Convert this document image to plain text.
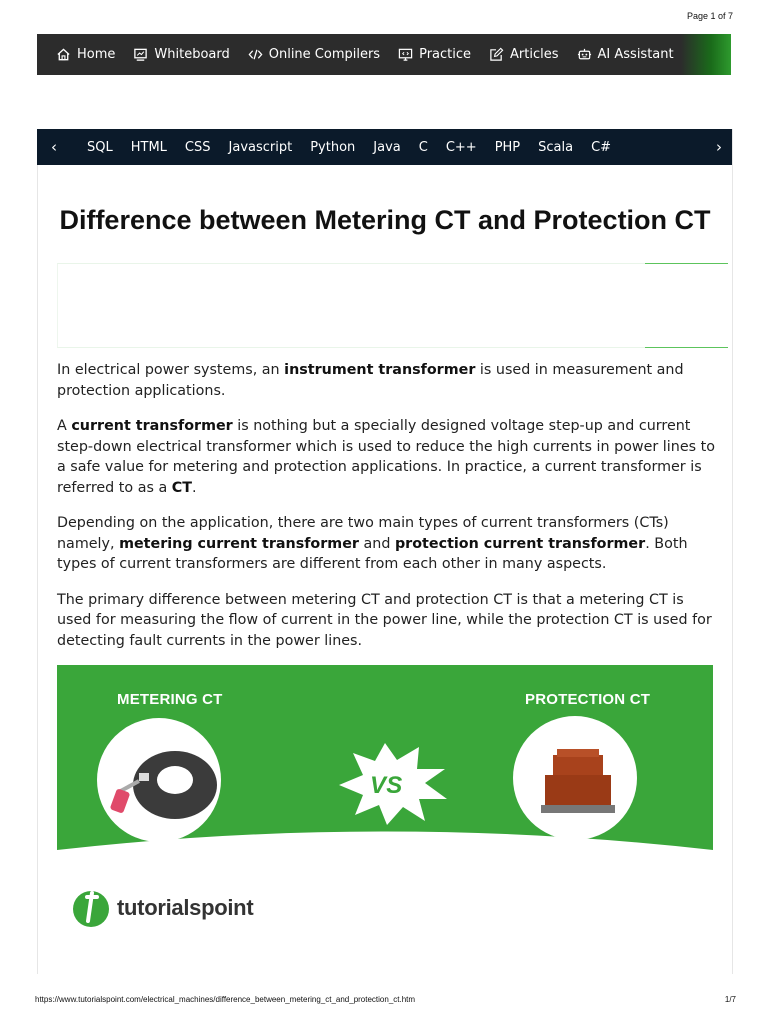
Page 1 of 7
Home	Whiteboard	Online Compilers	Practice	Articles	AI Assistant
‹	SQL HTML CSS Javascript Python Java C C++ PHP Scala C#	›
Difference between Metering CT and Protection CT

In electrical power systems, an instrument transformer is used in measurement and protection applications.

A current transformer is nothing but a specially designed voltage step-up and current step-down electrical transformer which is used to reduce the high currents in power lines to a safe value for metering and protection applications. In practice, a current transformer is referred to as a CT.

Depending on the application, there are two main types of current transformers (CTs) namely, metering current transformer and protection current transformer. Both types of current transformers are different from each other in many aspects.

The primary difference between metering CT and protection CT is that a metering CT is used for measuring the flow of current in the power line, while the protection CT is used for detecting fault currents in the power lines.

METERING CT	PROTECTION CT
VS
tutorialspoint
https://www.tutorialspoint.com/electrical_machines/difference_between_metering_ct_and_protection_ct.htm	1/7
